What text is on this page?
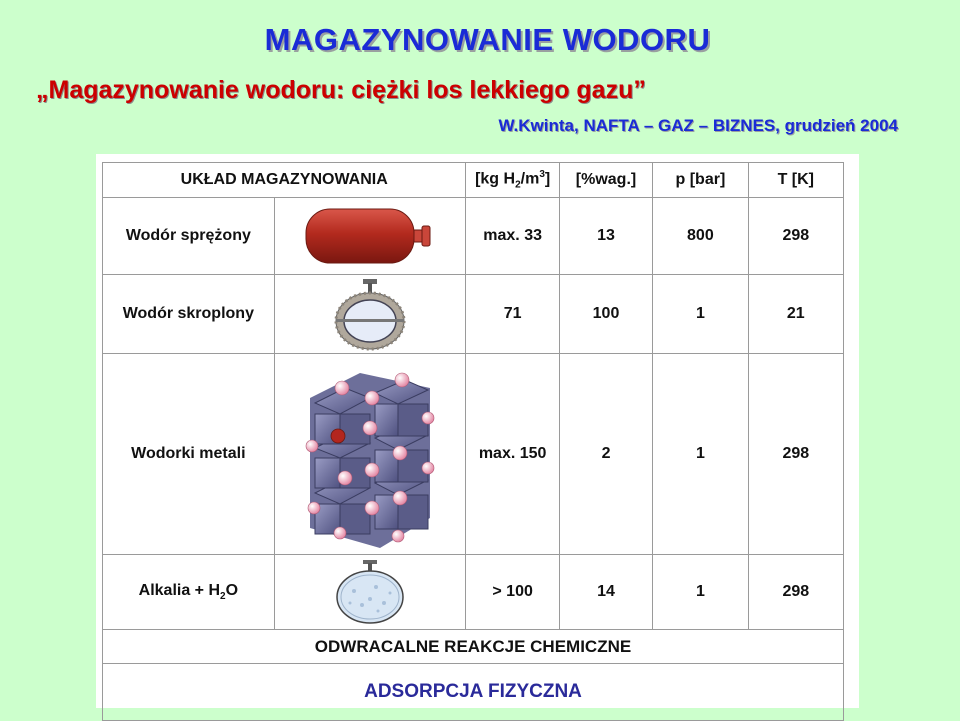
MAGAZYNOWANIE WODORU
„Magazynowanie wodoru: ciężki los lekkiego gazu”
W.Kwinta, NAFTA – GAZ – BIZNES, grudzień 2004
UKŁAD MAGAZYNOWANIA		[kg $H_2/m^3$]	[%wag.]	p [bar]	T [K]
Wodór sprężony		max. 33	13	800	298
Wodór skroplony		71	100	1	21
Wodorki metali		max. 150	2	1	298
Alkalia + $H_2O$		> 100	14	1	298
ODWRACALNE REAKCJE CHEMICZNE					
ADSORPCJA FIZYCZNA					
